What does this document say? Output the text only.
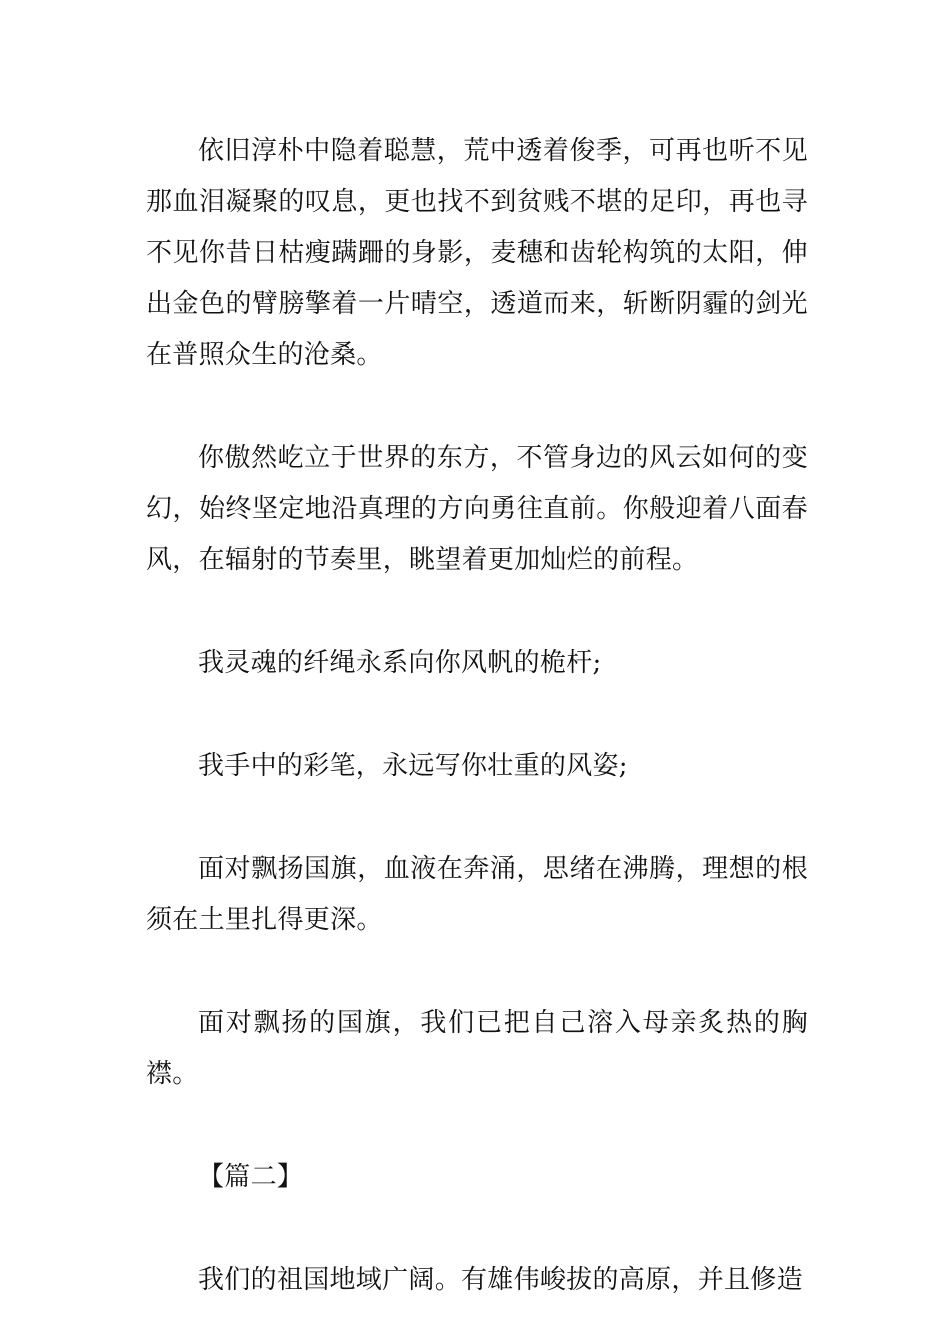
依旧淳朴中隐着聪慧，荒中透着俊季，可再也听不见那血泪凝聚的叹息，更也找不到贫贱不堪的足印，再也寻不见你昔日枯瘦蹒跚的身影，麦穗和齿轮构筑的太阳，伸出金色的臂膀擎着一片晴空，透道而来，斩断阴霾的剑光在普照众生的沧桑。

你傲然屹立于世界的东方，不管身边的风云如何的变幻，始终坚定地沿真理的方向勇往直前。你般迎着八面春风，在辐射的节奏里，眺望着更加灿烂的前程。

我灵魂的纤绳永系向你风帆的桅杆;

我手中的彩笔，永远写你壮重的风姿;

面对飘扬国旗，血液在奔涌，思绪在沸腾，理想的根须在土里扎得更深。

面对飘扬的国旗，我们已把自己溶入母亲炙热的胸襟。

【篇二】

我们的祖国地域广阔。有雄伟峻拔的高原，并且修造
